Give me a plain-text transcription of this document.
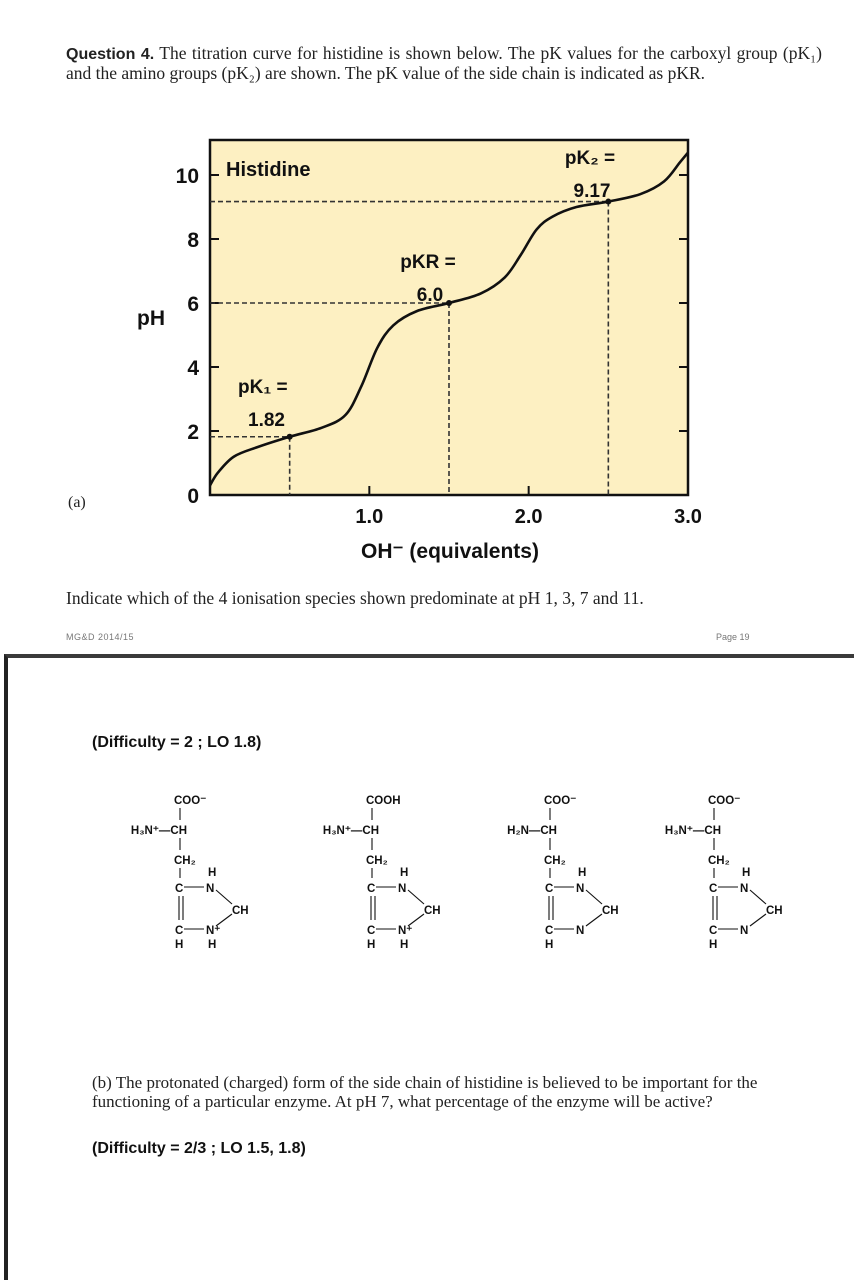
Question 4. The titration curve for histidine is shown below. The pK values for the carboxyl group (pK₁) and the amino groups (pK₂) are shown. The pK value of the side chain is indicated as pKR.
0
2
4
6
8
10
1.0	2.0	3.0
pK₁ =
1.82
pKR =
6.0
pK₂ =
9.17
Histidine
pH
OH⁻ (equivalents)
(a)
Indicate which of the 4 ionisation species shown predominate at pH 1, 3, 7 and 11.
MG&D 2014/15	Page 19
(Difficulty = 2 ; LO 1.8)
COO⁻
H₃N⁺—CH
CH₂
C N
H
CH
C N⁺
H H
COOH
H₃N⁺—CH
CH₂
C N
H
CH
C N⁺
H H
COO⁻
H₂N—CH
CH₂
C N
H
CH
C N
H
COO⁻
H₃N⁺—CH
CH₂
C N
H
CH
C N
H
(b) The protonated (charged) form of the side chain of histidine is believed to be important for the functioning of a particular enzyme. At pH 7, what percentage of the enzyme will be active?
(Difficulty = 2/3 ; LO 1.5, 1.8)
